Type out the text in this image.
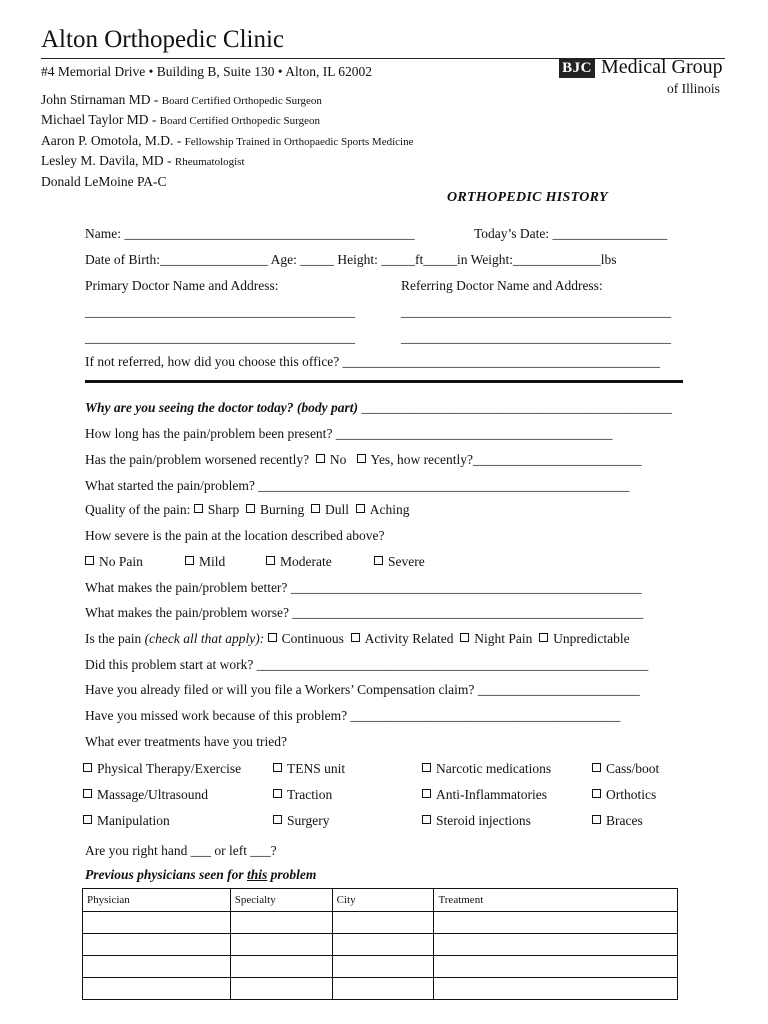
Alton Orthopedic Clinic
#4 Memorial Drive • Building B, Suite 130 • Alton, IL 62002	BJC Medical Group
of Illinois
John Stirnaman MD - Board Certified Orthopedic Surgeon
Michael Taylor MD - Board Certified Orthopedic Surgeon
Aaron P. Omotola, M.D. - Fellowship Trained in Orthopaedic Sports Medicine
Lesley M. Davila, MD - Rheumatologist
Donald LeMoine PA-C
ORTHOPEDIC HISTORY
Name: ___________________________________________	Today’s Date: _________________
Date of Birth:________________ Age: _____ Height: _____ft_____in Weight:_____________lbs
Primary Doctor Name and Address:	Referring Doctor Name and Address:
________________________________________	________________________________________
________________________________________	________________________________________
If not referred, how did you choose this office? _______________________________________________
Why are you seeing the doctor today? (body part) ______________________________________________
How long has the pain/problem been present? _________________________________________
Has the pain/problem worsened recently? No Yes, how recently?_________________________
What started the pain/problem? _______________________________________________________
Quality of the pain: Sharp Burning Dull Aching
How severe is the pain at the location described above?
No Pain	Mild	Moderate	Severe
What makes the pain/problem better? ____________________________________________________
What makes the pain/problem worse? ____________________________________________________
Is the pain (check all that apply): Continuous Activity Related Night Pain Unpredictable
Did this problem start at work? __________________________________________________________
Have you already filed or will you file a Workers’ Compensation claim? ________________________
Have you missed work because of this problem? ________________________________________
What ever treatments have you tried?
Physical Therapy/Exercise	TENS unit	Narcotic medications	Cass/boot
Massage/Ultrasound	Traction	Anti-Inflammatories	Orthotics
Manipulation	Surgery	Steroid injections	Braces
Are you right hand ___ or left ___?
Previous physicians seen for this problem
Physician	Specialty	City	Treatment
